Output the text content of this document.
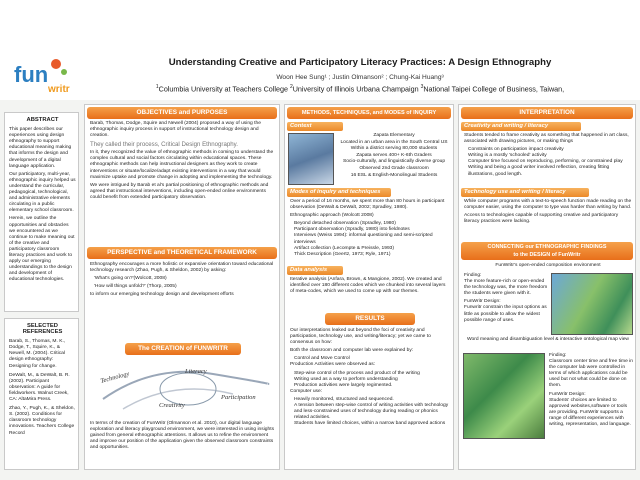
fun
writr
Understanding Creative and Participatory Literacy Practices: A Design Ethnography
Woon Hee Sung¹ ; Justin Olmanson² ; Chung-Kai Huang³
$^1$Columbia University at Teachers College $^2$University of Illinois Urbana Champaign $^3$National Taipei College of Business, Taiwan,
ABSTRACT

This paper describes our experiences using design ethnography to support educational meaning making that informs the design and development of a digital language application.

Our participatory, multi-year, ethnographic inquiry helped us understand the curricular, pedagogical, technological, and administrative elements circulating in a public elementary school classroom.

Herein, we outline the opportunities and obstacles we encountered as we continue to make meaning out of the creative and participatory classroom literacy practices and work to apply our emerging understandings to the design and development of educational technologies.

SELECTED REFERENCES
Barab, S., Thomas, M. K., Dodge, T., Squire, K., & Newell, M. (2004). Critical design ethnography: Designing for change.
DeWalt, M., & DeWalt, B. R. (2002). Participant observation: A guide for fieldworkers. Walnut Creek, CA: AltaMira Press.
Zhao, Y., Pugh, K., & Sheldon, S. (2002). Conditions for classroom technology innovations. Teachers College Record
OBJECTIVES and PURPOSES

Barab, Thomas, Dodge, Squire and Newell (2004) proposed a way of using the ethnographic inquiry process in support of instructional technology design and creation.

They called their process, Critical Design Ethnography.

In it, they recognized the value of ethnographic methods in coming to understand the complex cultural and social factors circulating within educational spaces. These ethnographic methods can help instructional designers as they work to create interventions or situate/localize/adapt existing interventions in a way that would maximize uptake and promote change in adopting and implementing the technology.

We were intrigued by Barab et al's partial positioning of ethnographic methods and agreed that instructional interventions, including open-ended online environments could benefit from extended participatory observation.

PERSPECTIVE and THEORETICAL FRAMEWORK

Ethnography encourages a more holistic or expansive orientation toward educational technology research (Zhao, Pugh, & Sheldon, 2002) by asking:

'What's going on?'(Wolcott, 2008)

'How will things unfold?' (Thorp, 2005)

to inform our emerging technology design and development efforts

The CREATION of FUNWRITR
Technology	Literacy
Creativity
Participation

In terms of the creation of FunWritr (Olmanson et al. 2010), our digital language exploration and literacy playground environment, we were interested in using insights gained from general ethnographic attentions. It allows us to refine the environment and improve our position of the application given the observed classroom constraints and opportunities.

METHODS, TECHNIQUES, and MODES of INQUIRY
Context
Zapata Elementary
Located in an urban area in the South Central US
Within a district serving 80,000 students
Zapata serves 400+ K-6th Graders
Socio-culturally, and linguistically diverse group
Observed 2nd Grade classroom
16 ESL & English-Monolingual Students
Modes of inquiry and techniques

Over a period of 16 months, we spent more than 80 hours in participant observation (DeWalt & DeWalt, 2002; Spradley, 1980).

Ethnographic approach (Wolcott 2008)

Beyond detached observation (Spradley, 1980)
Participant observation (Spradly, 1980) into fieldnotes
Interviews (Weiss 1994): informal questioning and semi-scripted interviews
Artifact collection (Lecompte & Preissle, 1993)
Thick Description (Geertz, 1973; Ryle, 1971)
Data analysis

Iterative analysis (Anfara, Brown, & Mangione, 2002). We created and identified over 180 different codes which we chunked into several layers of meta-codes, which we used to come up with our themes.

RESULTS

Our interpretations leaked out beyond the foci of creativity and participation, technology use, and writing/literacy; yet we came to consensus on how:

Both the classroom and computer lab were explained by:

Control and Move Control

Production Activities were observed as:

Step-wise control of the process and product of the writing
Writing used as a way to perform understanding
Production activities were largely regimented.

Computer use:

Heavily monitored, structured and sequenced.
A tension between step-wise control of writing activities with technology and less-constrained uses of technology during reading or phonics related activities.
Students have limited choices, within a narrow band approved actions
INTERPRETATION
Creativity and writing / literacy

Students tended to frame creativity as something that happened in art class, associated with drawing pictures, or making things

Constraints on participation impact creativity
Writing is a mostly 'schooled' activity
Computer time focused on reproducing, performing, or constrained play
Writing and being a good writer involved reflection, creating fitting illustrations, good length.
Technology use and writing / literacy

While computer programs with a text-to-speech function made reading on the computer easier, using the computer to type was harder than writing by hand.

Access to technologies capable of supporting creative and participatory literacy practices were lacking.

CONNECTING our ETHNOGRAPHIC FINDINGS
to the DESIGN of FunWritr
FunWritr's open-ended composition environment
Finding:

The more feature-rich or open-ended the technology was, the more freedom the students were given with it.

FunWritr Design:

Funwritr constrain the input options as little as possible to allow the widest possible range of uses.

Word meaning and disambiguation level & interactive ontological map view
Finding:

Classroom center time and free time in the computer lab were controlled in terms of which applications could be used but not what could be done on them.

FunWritr Design:

Students' choices are limited to approved websites,software or tools are providing. FunWritr supports a range of different experiences with writing, representation, and language.
